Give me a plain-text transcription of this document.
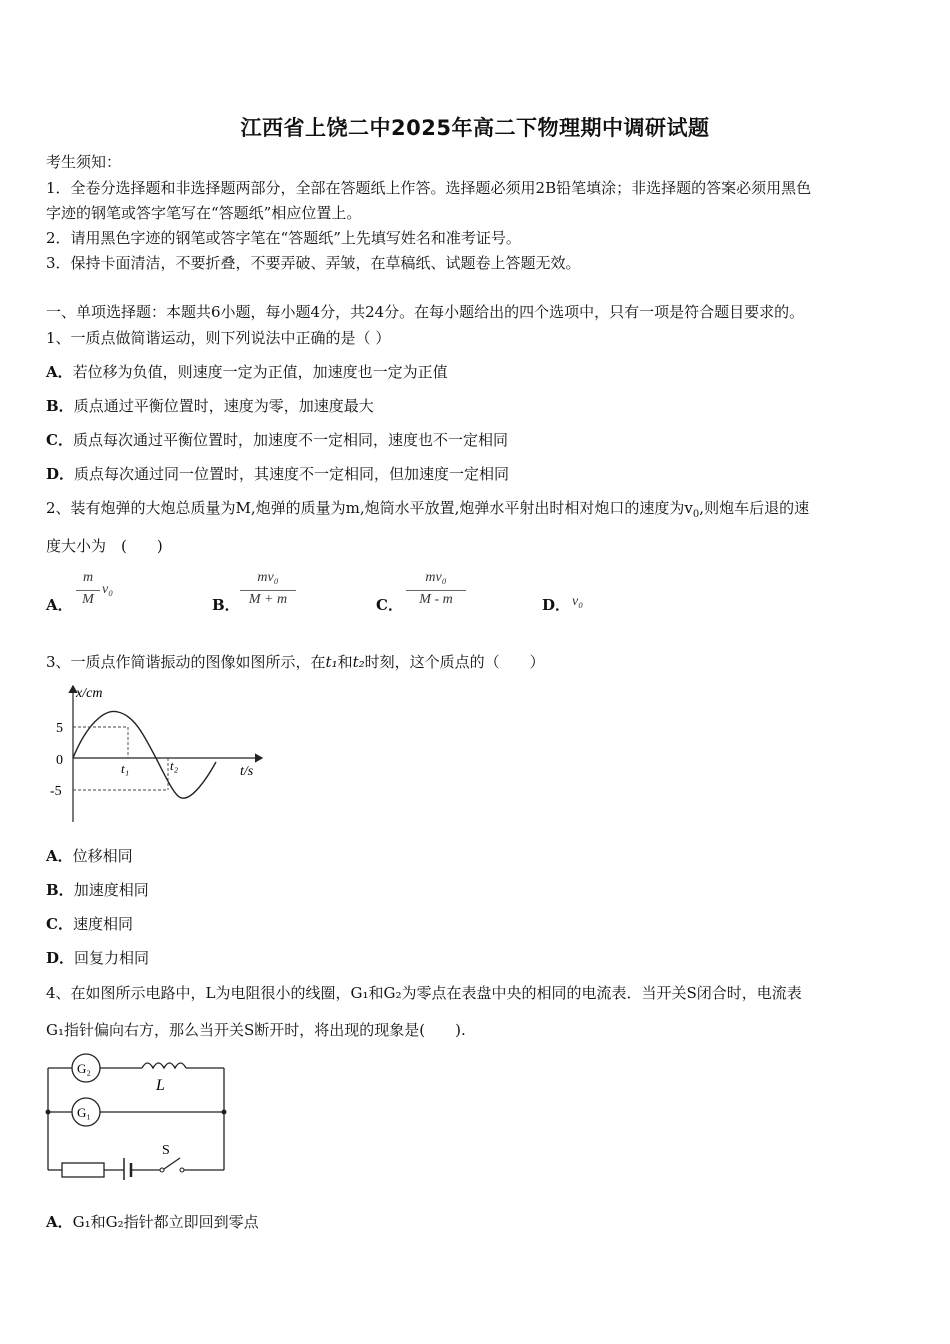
江西省上饶二中2025年高二下物理期中调研试题
考生须知：
1．全卷分选择题和非选择题两部分，全部在答题纸上作答。选择题必须用2B铅笔填涂；非选择题的答案必须用黑色
字迹的钢笔或答字笔写在“答题纸”相应位置上。
2．请用黑色字迹的钢笔或答字笔在“答题纸”上先填写姓名和准考证号。
3．保持卡面清洁，不要折叠，不要弄破、弄皱，在草稿纸、试题卷上答题无效。
一、单项选择题：本题共6小题，每小题4分，共24分。在每小题给出的四个选项中，只有一项是符合题目要求的。
1、一质点做简谐运动，则下列说法中正确的是（ ）
A．若位移为负值，则速度一定为正值，加速度也一定为正值
B．质点通过平衡位置时，速度为零，加速度最大
C．质点每次通过平衡位置时，加速度不一定相同，速度也不一定相同
D．质点每次通过同一位置时，其速度不一定相同，但加速度一定相同
2、装有炮弹的大炮总质量为M,炮弹的质量为m,炮筒水平放置,炮弹水平射出时相对炮口的速度为$v_0$,则炮车后退的速
度大小为　(　　)
A．
m
M
v₀
B．
mv₀
M + m	C．
mv₀
M - m	D． v₀
3、一质点作简谐振动的图像如图所示，在t₁和t₂时刻，这个质点的（　　）
x/cm
t/s
5
0
-5
t₁	t₂
A．位移相同
B．加速度相同
C．速度相同
D．回复力相同
4、在如图所示电路中，L为电阻很小的线圈，G₁和G₂为零点在表盘中央的相同的电流表．当开关S闭合时，电流表
G₁指针偏向右方，那么当开关S断开时，将出现的现象是(　　).
G₂
G₁
L
S
A．G₁和G₂指针都立即回到零点
